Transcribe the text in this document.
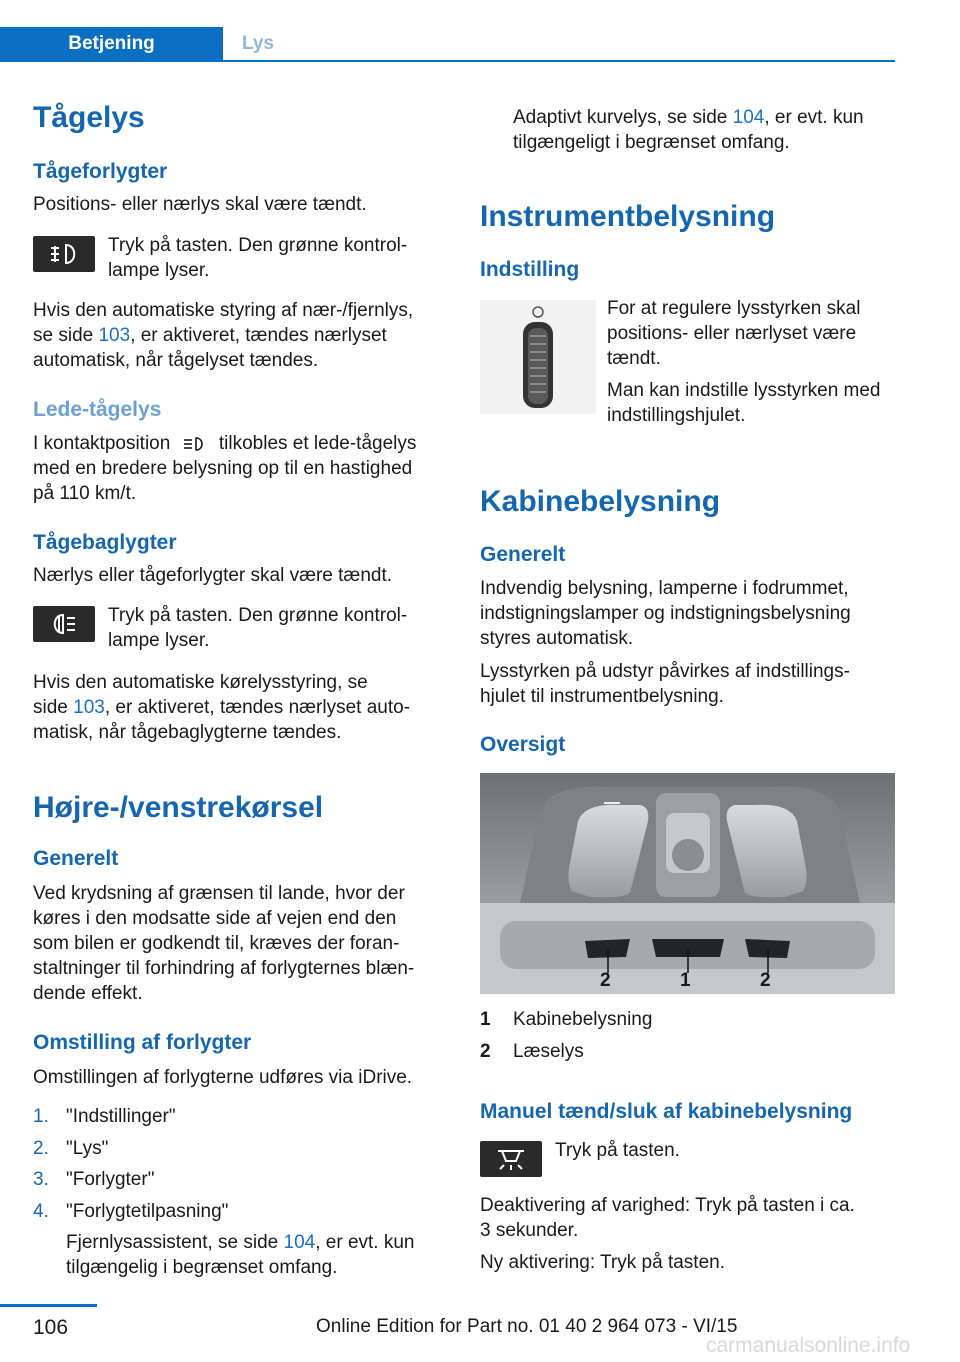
Betjening	Lys
Tågelys
Tågeforlygter
Positions- eller nærlys skal være tændt.
Tryk på tasten. Den grønne kontrol‐
lampe lyser.
Hvis den automatiske styring af nær-/fjernlys,
se side 103, er aktiveret, tændes nærlyset
automatisk, når tågelyset tændes.
Lede-tågelys
I kontaktposition	tilkobles et lede-tågelys
med en bredere belysning op til en hastighed
på 110 km/t.
Tågebaglygter
Nærlys eller tågeforlygter skal være tændt.
Tryk på tasten. Den grønne kontrol‐
lampe lyser.
Hvis den automatiske kørelysstyring, se
side 103, er aktiveret, tændes nærlyset auto‐
matisk, når tågebaglygterne tændes.
Højre-/venstrekørsel
Generelt
Ved krydsning af grænsen til lande, hvor der
køres i den modsatte side af vejen end den
som bilen er godkendt til, kræves der foran‐
staltninger til forhindring af forlygternes blæn‐
dende effekt.
Omstilling af forlygter
Omstillingen af forlygterne udføres via iDrive.
1. "Indstillinger"
2. "Lys"
3. "Forlygter"
4. "Forlygtetilpasning"
Fjernlysassistent, se side 104, er evt. kun
tilgængelig i begrænset omfang.
Adaptivt kurvelys, se side 104, er evt. kun
tilgængeligt i begrænset omfang.
Instrumentbelysning
Indstilling
For at regulere lysstyrken skal
positions- eller nærlyset være
tændt.
Man kan indstille lysstyrken med
indstillingshjulet.
Kabinebelysning
Generelt
Indvendig belysning, lamperne i fodrummet,
indstigningslamper og indstigningsbelysning
styres automatisk.
Lysstyrken på udstyr påvirkes af indstillings‐
hjulet til instrumentbelysning.
Oversigt
2	1	2
1 Kabinebelysning
2 Læselys
Manuel tænd/sluk af kabinebelysning
Tryk på tasten.
Deaktivering af varighed: Tryk på tasten i ca.
3 sekunder.
Ny aktivering: Tryk på tasten.
106	Online Edition for Part no. 01 40 2 964 073 - VI/15
carmanualsonline.info
